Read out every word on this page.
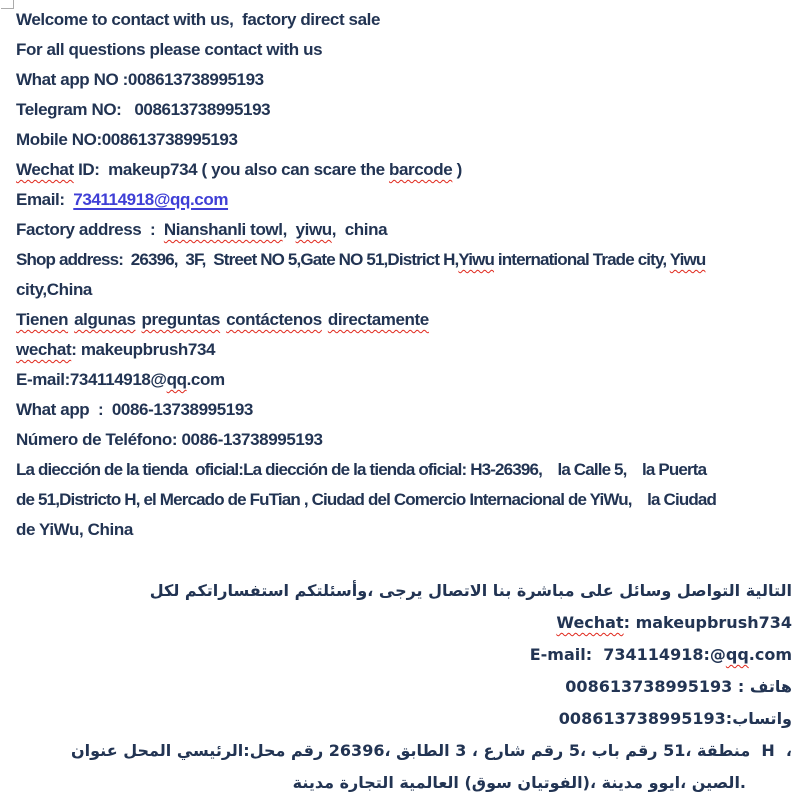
Welcome to contact with us,  factory direct sale
For all questions please contact with us
What app NO :008613738995193
Telegram NO:   008613738995193
Mobile NO:008613738995193
Wechat ID:  makeup734 ( you also can scare the barcode )
Email:  734114918@qq.com
Factory address  :  Nianshanli towl,  yiwu,  china
Shop address:  26396,  3F,  Street NO 5,Gate NO 51,District H,Yiwu international Trade city, Yiwu
city,China
Tienen algunas preguntas contáctenos directamente
wechat: makeupbrush734
E-mail:734114918@qq.com
What app  :  0086-13738995193
Número de Teléfono: 0086-13738995193
La diección de la tienda  oficial:La diección de la tienda oficial: H3-26396,    la Calle 5,    la Puerta
de 51,Districto H, el Mercado de FuTian , Ciudad del Comercio Internacional de YiWu,    la Ciudad
de YiWu, China
لكل‎ استفساراتكم‎ وأسئلتكم،‎ يرجى‎ الاتصال‎ بنا‎ مباشرة‎ على‎ وسائل‎ التواصل‎ التالية
Wechat: makeupbrush734
E-mail:  734114918:@qq.com
008613738995193 :‎ هاتف
008613738995193:‎واتساب
عنوان‎ المحل‎ الرئيسي‎:‎محل‎ رقم‎ 26396،‎ الطابق‎ 3‎ ،‎ شارع‎ رقم‎ 5،‎ باب‎ رقم‎ 51،‎ منطقة‎  H  ،
مدينة‎ التجارة‎ العالمية‎ (سوق‎ الفوتيان)،‎ مدينة‎ ايوو،‎ الصين‎.
